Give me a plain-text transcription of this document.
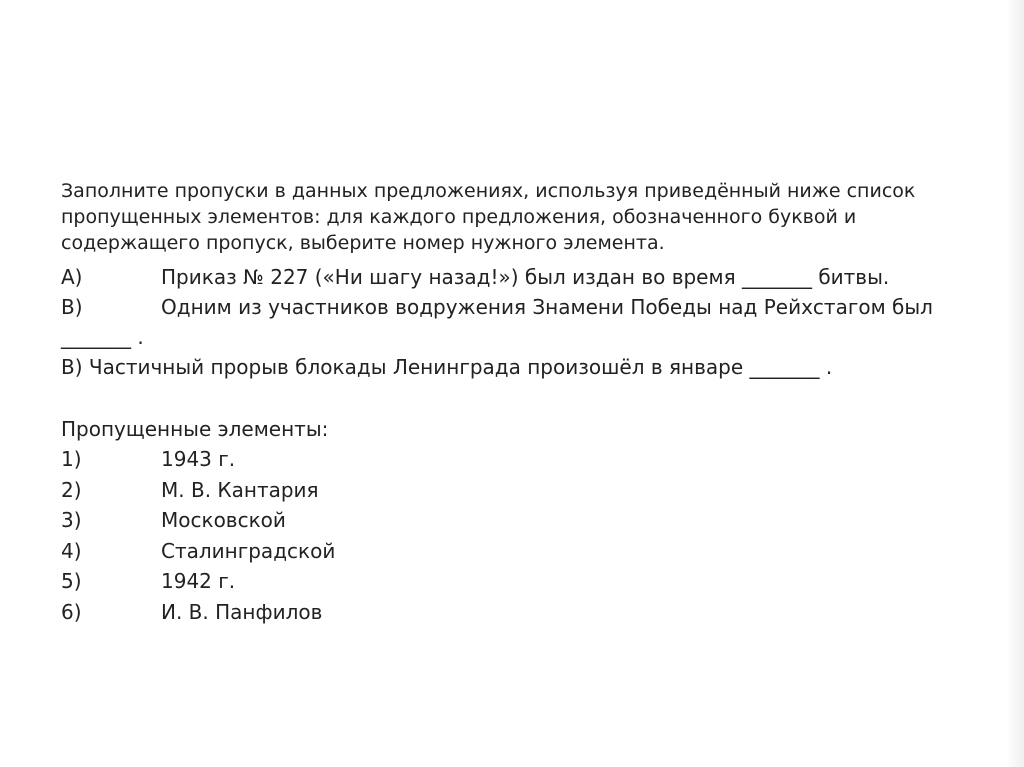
Заполните пропуски в данных предложениях, используя приведённый ниже список пропущенных элементов: для каждого предложения, обозначенного буквой и содержащего пропуск, выберите номер нужного элемента.

А)	Приказ № 227 («Ни шагу назад!») был издан во время _______ битвы.
B)	Одним из участников водружения Знамени Победы над Рейхстагом был

_______ .

В) Частичный прорыв блокады Ленинграда произошёл в январе _______ .

Пропущенные элементы:

1)	1943 г.
2)	М. В. Кантария
3)	Московской
4)	Сталинградской
5)	1942 г.
6)	И. В. Панфилов
